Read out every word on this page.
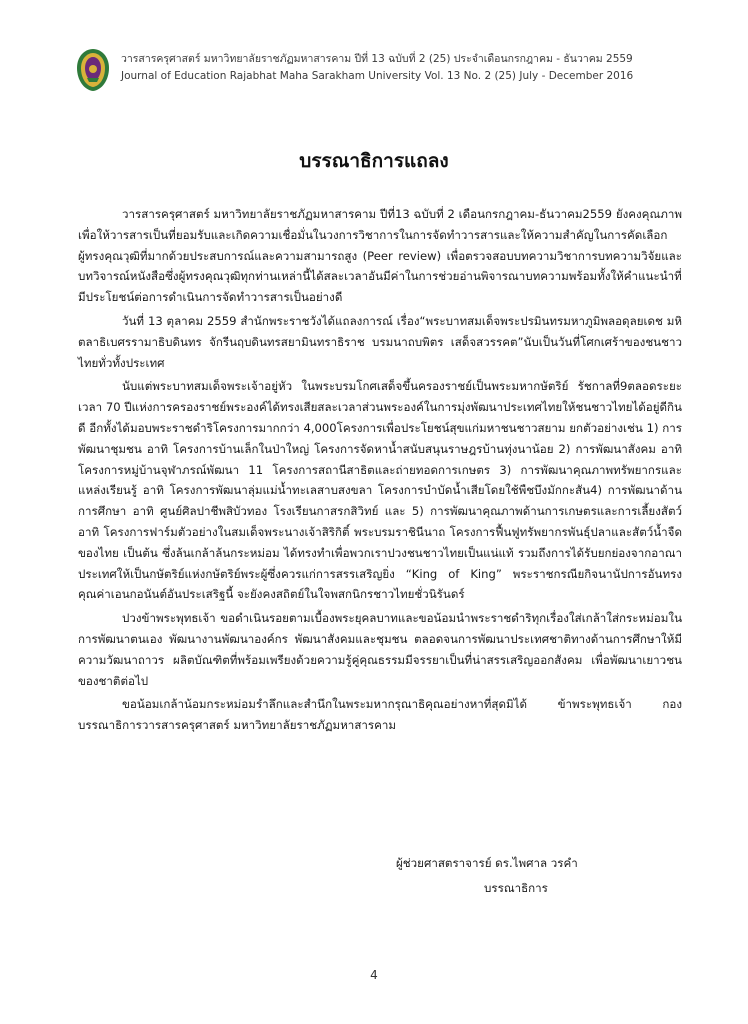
วารสารครุศาสตร์ มหาวิทยาลัยราชภัฏมหาสารคาม ปีที่ 13 ฉบับที่ 2 (25) ประจำเดือนกรกฎาคม - ธันวาคม 2559
Journal of Education Rajabhat Maha Sarakham University Vol. 13 No. 2 (25) July - December 2016
บรรณาธิการแถลง

วารสารครุศาสตร์ มหาวิทยาลัยราชภัฏมหาสารคาม ปีที่13 ฉบับที่ 2 เดือนกรกฎาคม-ธันวาคม2559 ยังคงคุณภาพเพื่อให้วารสารเป็นที่ยอมรับและเกิดความเชื่อมั่นในวงการวิชาการในการจัดทำวารสารและให้ความสำคัญในการคัดเลือกผู้ทรงคุณวุฒิที่มากด้วยประสบการณ์และความสามารถสูง (Peer review) เพื่อตรวจสอบบทความวิชาการบทความวิจัยและบทวิจารณ์หนังสือซึ่งผู้ทรงคุณวุฒิทุกท่านเหล่านี้ได้สละเวลาอันมีค่าในการช่วยอ่านพิจารณาบทความพร้อมทั้งให้คำแนะนำที่มีประโยชน์ต่อการดำเนินการจัดทำวารสารเป็นอย่างดี

วันที่ 13 ตุลาคม 2559 สำนักพระราชวังได้แถลงการณ์ เรื่อง“พระบาทสมเด็จพระปรมินทรมหาภูมิพลอดุลยเดช มหิตลาธิเบศรรามาธิบดินทร จักรีนฤบดินทรสยามินทราธิราช บรมนาถบพิตร เสด็จสวรรคต”นับเป็นวันที่โศกเศร้าของชนชาวไทยทั่วทั้งประเทศ

นับแต่พระบาทสมเด็จพระเจ้าอยู่หัว ในพระบรมโกศเสด็จขึ้นครองราชย์เป็นพระมหากษัตริย์ รัชกาลที่9ตลอดระยะเวลา 70 ปีแห่งการครองราชย์พระองค์ได้ทรงเสียสละเวลาส่วนพระองค์ในการมุ่งพัฒนาประเทศไทยให้ชนชาวไทยได้อยู่ดีกินดี อีกทั้งได้มอบพระราชดำริโครงการมากกว่า 4,000โครงการเพื่อประโยชน์สุขแก่มหาชนชาวสยาม ยกตัวอย่างเช่น 1) การพัฒนาชุมชน อาทิ โครงการบ้านเล็กในป่าใหญ่ โครงการจัดหาน้ำสนับสนุนราษฎรบ้านทุ่งนาน้อย 2) การพัฒนาสังคม อาทิ โครงการหมู่บ้านจุฬาภรณ์พัฒนา 11 โครงการสถานีสาธิตและถ่ายทอดการเกษตร 3) การพัฒนาคุณภาพทรัพยากรและแหล่งเรียนรู้ อาทิ โครงการพัฒนาลุ่มแม่น้ำทะเลสาบสงขลา โครงการบำบัดน้ำเสียโดยใช้พืชบึงมักกะสัน4) การพัฒนาด้านการศึกษา อาทิ ศูนย์ศิลปาชีพสิบัวทอง โรงเรียนกาสรกสิวิทย์ และ 5) การพัฒนาคุณภาพด้านการเกษตรและการเลี้ยงสัตว์ อาทิ โครงการฟาร์มตัวอย่างในสมเด็จพระนางเจ้าสิริกิติ์ พระบรมราชินีนาถ โครงการฟื้นฟูทรัพยากรพันธุ์ปลาและสัตว์น้ำจืดของไทย เป็นต้น ซึ่งล้นเกล้าล้นกระหม่อม ได้ทรงทำเพื่อพวกเราปวงชนชาวไทยเป็นแน่แท้ รวมถึงการได้รับยกย่องจากอาณาประเทศให้เป็นกษัตริย์แห่งกษัตริย์พระผู้ซึ่งควรแก่การสรรเสริญยิ่ง “King of King” พระราชกรณียกิจนานัปการอันทรงคุณค่าเอนกอนันต์อันประเสริฐนี้ จะยังคงสถิตย์ในใจพสกนิกรชาวไทยชั่วนิรันดร์

ปวงข้าพระพุทธเจ้า ขอดำเนินรอยตามเบื้องพระยุคลบาทและขอน้อมนำพระราชดำริทุกเรื่องใส่เกล้าใส่กระหม่อมในการพัฒนาตนเอง พัฒนางานพัฒนาองค์กร พัฒนาสังคมและชุมชน ตลอดจนการพัฒนาประเทศชาติทางด้านการศึกษาให้มีความวัฒนาถาวร ผลิตบัณฑิตที่พร้อมเพรียงด้วยความรู้คู่คุณธรรมมีจรรยาเป็นที่น่าสรรเสริญออกสังคม เพื่อพัฒนาเยาวชนของชาติต่อไป

ขอน้อมเกล้าน้อมกระหม่อมรำลึกและสำนึกในพระมหากรุณาธิคุณอย่างหาที่สุดมิได้ ข้าพระพุทธเจ้า กองบรรณาธิการวารสารครุศาสตร์ มหาวิทยาลัยราชภัฏมหาสารคาม

ผู้ช่วยศาสตราจารย์ ดร.ไพศาล วรคำ
บรรณาธิการ
4
